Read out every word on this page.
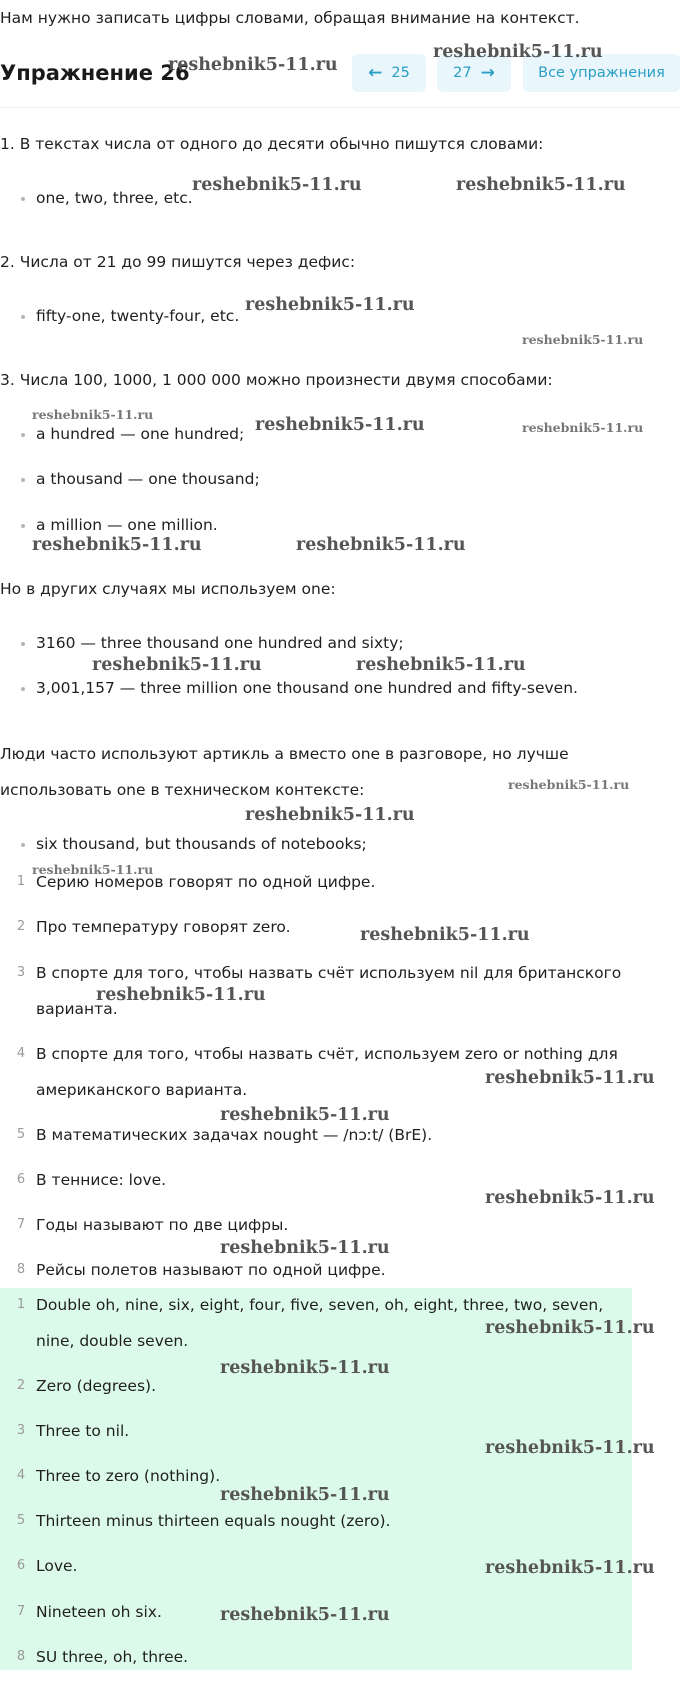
Нам нужно записать цифры словами, обращая внимание на контекст.
Упражнение 26	← 25	27 →	Все упражнения
1. В текстах числа от одного до десяти обычно пишутся словами:
one, two, three, etc.
2. Числа от 21 до 99 пишутся через дефис:
fifty-one, twenty-four, etc.
3. Числа 100, 1000, 1 000 000 можно произнести двумя способами:
a hundred — one hundred;
a thousand — one thousand;
a million — one million.
Но в других случаях мы используем one:
3160 — three thousand one hundred and sixty;
3,001,157 — three million one thousand one hundred and fifty-seven.
Люди часто используют артикль a вместо one в разговоре, но лучше
использовать one в техническом контексте:
six thousand, but thousands of notebooks;
1 Серию номеров говорят по одной цифре.
2 Про температуру говорят zero.
3 В спорте для того, чтобы назвать счёт используем nil для британского
варианта.
4 В спорте для того, чтобы назвать счёт, используем zero or nothing для
американского варианта.
5 В математических задачах nought — /nɔːt/ (BrE).
6 В теннисе: love.
7 Годы называют по две цифры.
8 Рейсы полетов называют по одной цифре.
1 Double oh, nine, six, eight, four, five, seven, oh, eight, three, two, seven,
nine, double seven.
2 Zero (degrees).
3 Three to nil.
4 Three to zero (nothing).
5 Thirteen minus thirteen equals nought (zero).
6 Love.
7 Nineteen oh six.
8 SU three, oh, three.
reshebnik5-11.ru
reshebnik5-11.ru
reshebnik5-11.ru	reshebnik5-11.ru
reshebnik5-11.ru
reshebnik5-11.ru
reshebnik5-11.ru
reshebnik5-11.ru	reshebnik5-11.ru
reshebnik5-11.ru	reshebnik5-11.ru
reshebnik5-11.ru	reshebnik5-11.ru
reshebnik5-11.ru
reshebnik5-11.ru
reshebnik5-11.ru
reshebnik5-11.ru
reshebnik5-11.ru
reshebnik5-11.ru
reshebnik5-11.ru
reshebnik5-11.ru
reshebnik5-11.ru
reshebnik5-11.ru
reshebnik5-11.ru
reshebnik5-11.ru
reshebnik5-11.ru
reshebnik5-11.ru
reshebnik5-11.ru
